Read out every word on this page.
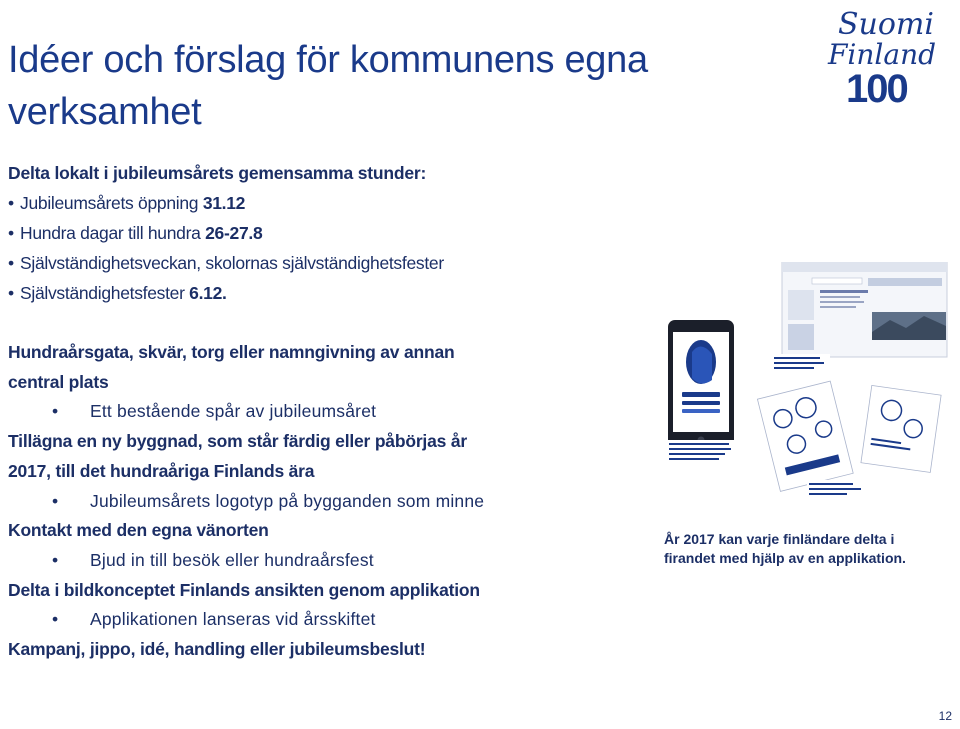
Idéer och förslag för kommunens egna verksamhet
Suomi
Finland
100
Delta lokalt i jubileumsårets gemensamma stunder:
• Jubileumsårets öppning 31.12
• Hundra dagar till hundra 26-27.8
• Självständighetsveckan, skolornas självständighetsfester
• Självständighetsfester 6.12.
Hundraårsgata, skvär, torg eller namngivning av annan
central plats
• Ett bestående spår av jubileumsåret
Tillägna en ny byggnad, som står färdig eller påbörjas år
2017, till det hundraåriga Finlands ära
• Jubileumsårets logotyp på bygganden som minne
Kontakt med den egna vänorten
• Bjud in till besök eller hundraårsfest
Delta i bildkonceptet Finlands ansikten genom applikation
• Applikationen lanseras vid årsskiftet
Kampanj, jippo, idé, handling eller jubileumsbeslut!
År 2017 kan varje finländare delta i firandet med hjälp av en applikation.
12
